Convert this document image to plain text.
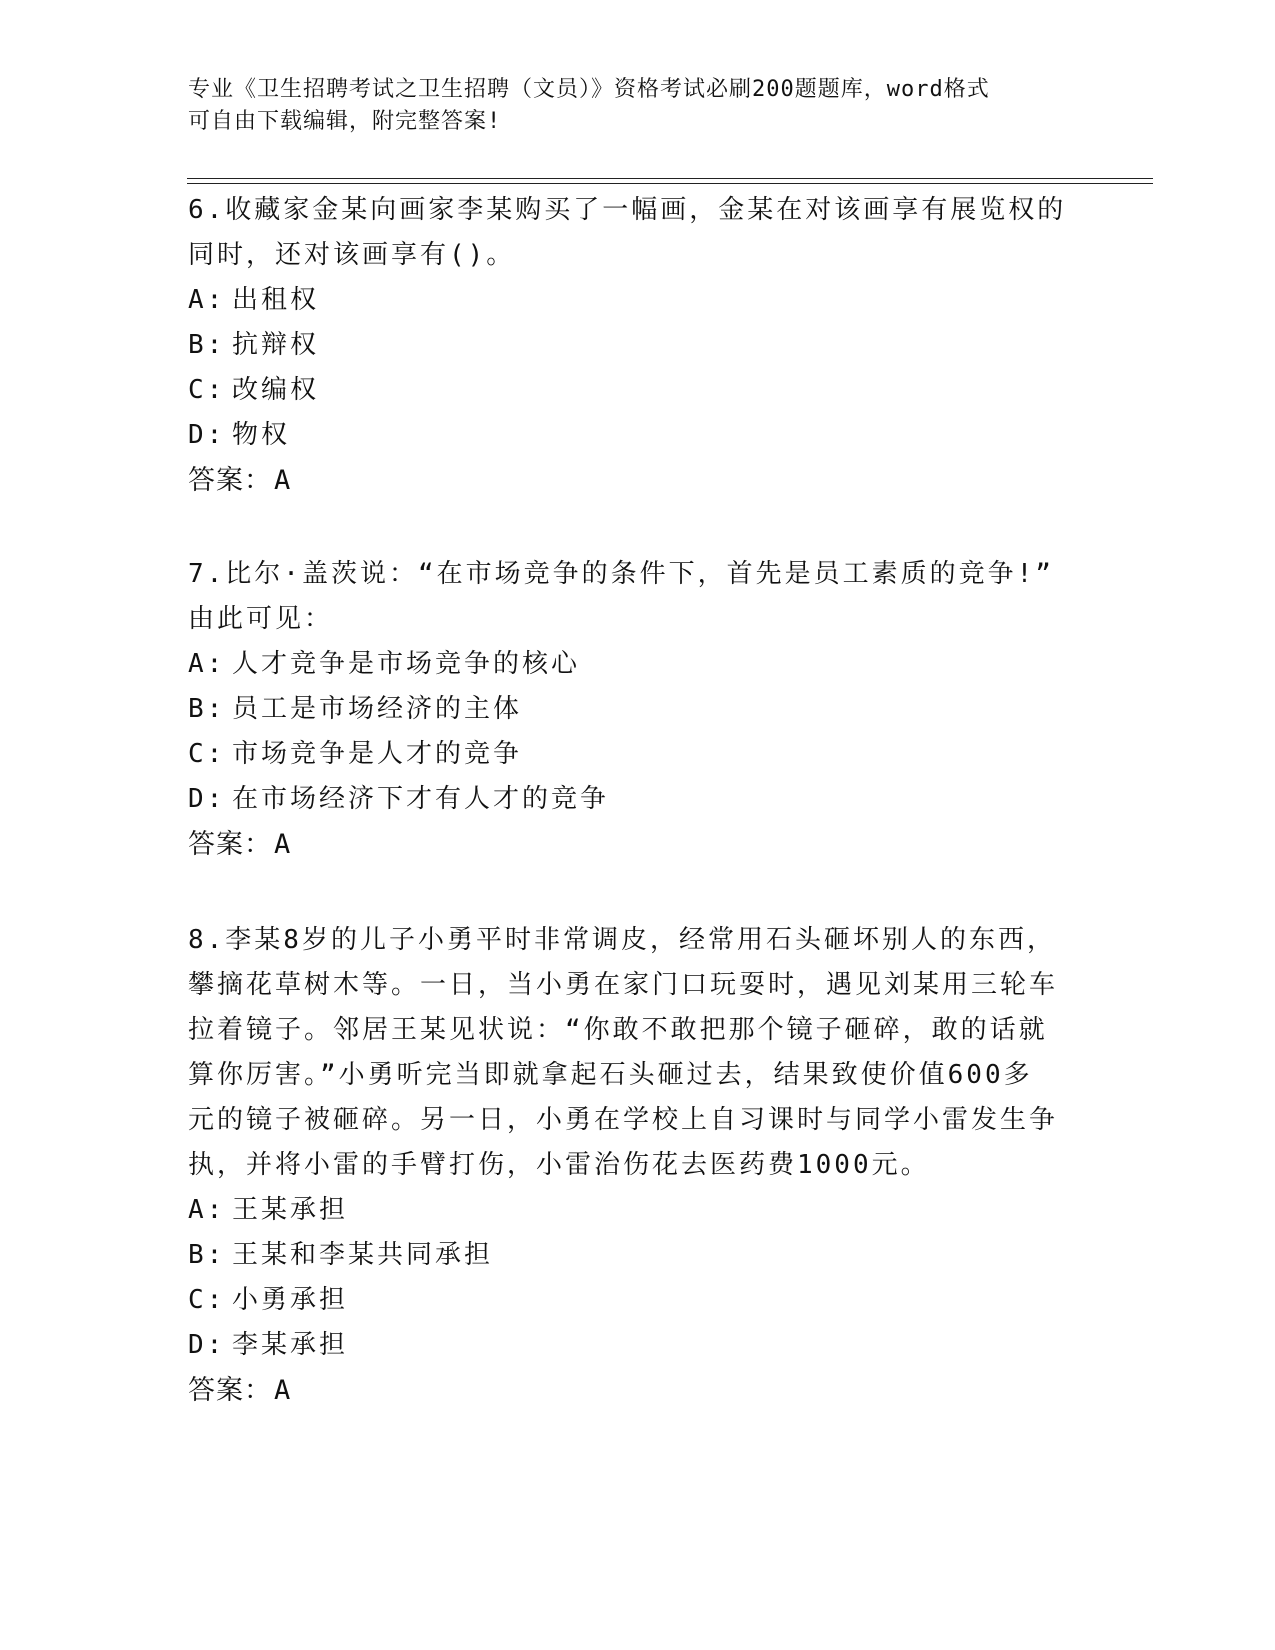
专业《卫生招聘考试之卫生招聘（文员）》资格考试必刷200题题库，word格式
可自由下载编辑，附完整答案!

6.收藏家金某向画家李某购买了一幅画，金某在对该画享有展览权的

同时，还对该画享有()。

A: 出租权

B: 抗辩权

C: 改编权

D: 物权

答案：A

7.比尔·盖茨说：“在市场竞争的条件下，首先是员工素质的竞争!”

由此可见：

A: 人才竞争是市场竞争的核心

B: 员工是市场经济的主体

C: 市场竞争是人才的竞争

D: 在市场经济下才有人才的竞争

答案：A

8.李某8岁的儿子小勇平时非常调皮，经常用石头砸坏别人的东西，

攀摘花草树木等。一日，当小勇在家门口玩耍时，遇见刘某用三轮车

拉着镜子。邻居王某见状说：“你敢不敢把那个镜子砸碎，敢的话就

算你厉害。”小勇听完当即就拿起石头砸过去，结果致使价值600多

元的镜子被砸碎。另一日，小勇在学校上自习课时与同学小雷发生争

执，并将小雷的手臂打伤，小雷治伤花去医药费1000元。

A: 王某承担

B: 王某和李某共同承担

C: 小勇承担

D: 李某承担

答案：A
